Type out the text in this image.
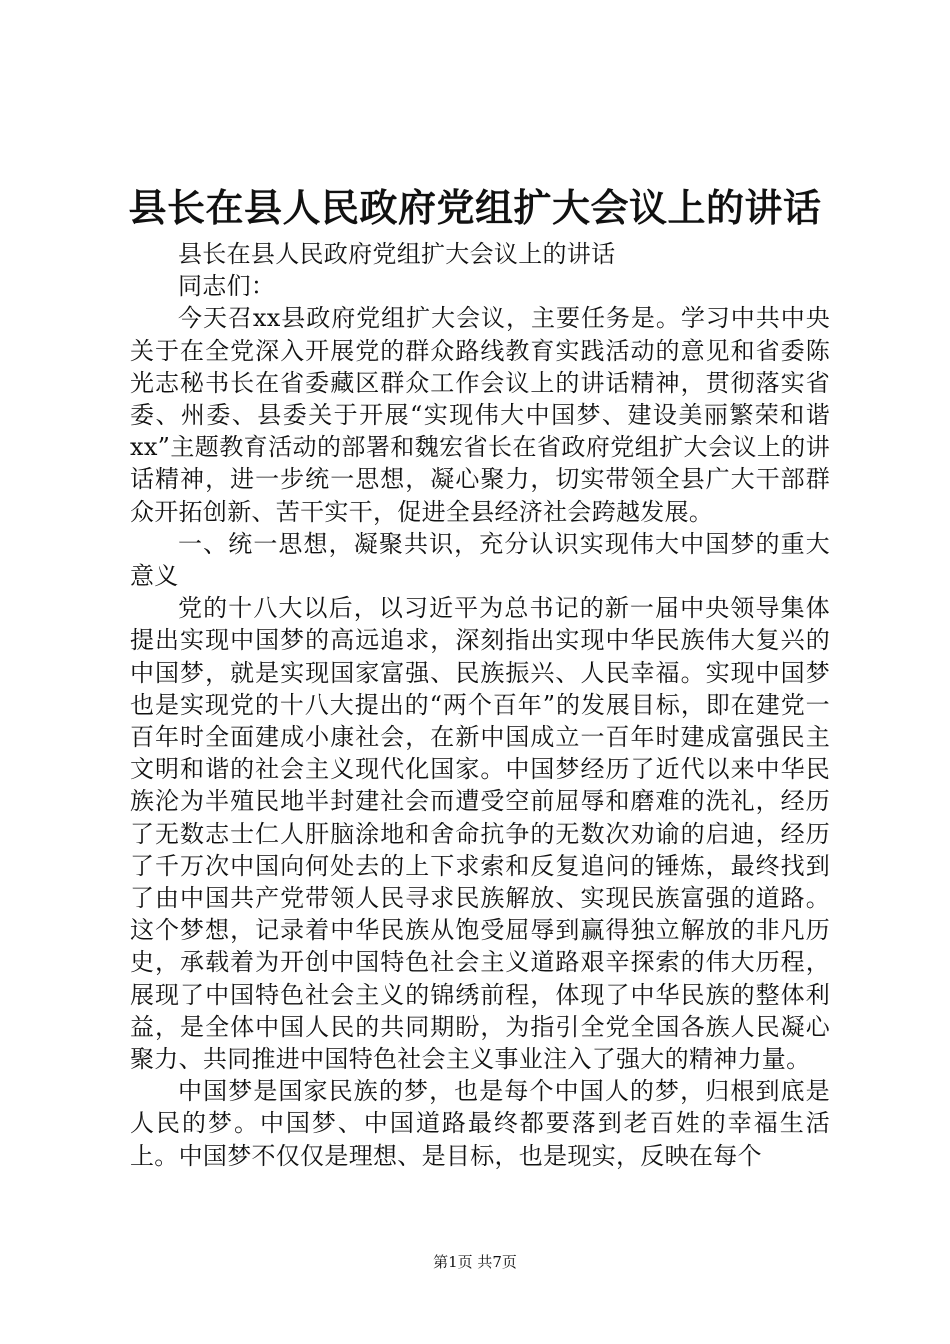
县长在县人民政府党组扩大会议上的讲话

县长在县人民政府党组扩大会议上的讲话

同志们：

今天召xx县政府党组扩大会议，主要任务是。学习中共中央关于在全党深入开展党的群众路线教育实践活动的意见和省委陈光志秘书长在省委藏区群众工作会议上的讲话精神，贯彻落实省委、州委、县委关于开展“实现伟大中国梦、建设美丽繁荣和谐xx”主题教育活动的部署和魏宏省长在省政府党组扩大会议上的讲话精神，进一步统一思想，凝心聚力，切实带领全县广大干部群众开拓创新、苦干实干，促进全县经济社会跨越发展。

一、统一思想，凝聚共识，充分认识实现伟大中国梦的重大意义

党的十八大以后，以习近平为总书记的新一届中央领导集体提出实现中国梦的高远追求，深刻指出实现中华民族伟大复兴的中国梦，就是实现国家富强、民族振兴、人民幸福。实现中国梦也是实现党的十八大提出的“两个百年”的发展目标，即在建党一百年时全面建成小康社会，在新中国成立一百年时建成富强民主文明和谐的社会主义现代化国家。中国梦经历了近代以来中华民族沦为半殖民地半封建社会而遭受空前屈辱和磨难的洗礼，经历了无数志士仁人肝脑涂地和舍命抗争的无数次劝谕的启迪，经历了千万次中国向何处去的上下求索和反复追问的锤炼，最终找到了由中国共产党带领人民寻求民族解放、实现民族富强的道路。这个梦想，记录着中华民族从饱受屈辱到赢得独立解放的非凡历史，承载着为开创中国特色社会主义道路艰辛探索的伟大历程，展现了中国特色社会主义的锦绣前程，体现了中华民族的整体利益，是全体中国人民的共同期盼，为指引全党全国各族人民凝心聚力、共同推进中国特色社会主义事业注入了强大的精神力量。

中国梦是国家民族的梦，也是每个中国人的梦，归根到底是人民的梦。中国梦、中国道路最终都要落到老百姓的幸福生活上。中国梦不仅仅是理想、是目标，也是现实，反映在每个

第1页 共7页
